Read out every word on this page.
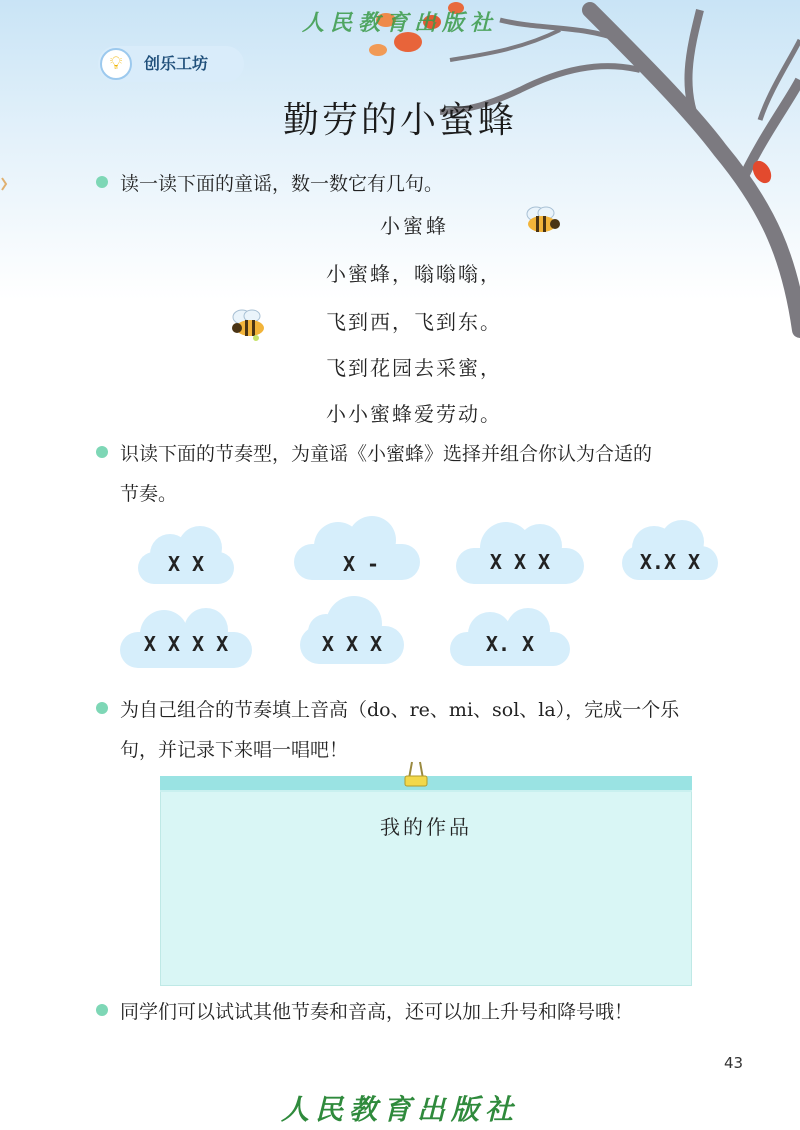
人民教育出版社
💡︎	创乐工坊
勤劳的小蜜蜂
读一读下面的童谣，数一数它有几句。
小蜜蜂
小蜜蜂，嗡嗡嗡，
飞到西，飞到东。
飞到花园去采蜜，
小小蜜蜂爱劳动。
识读下面的节奏型，为童谣《小蜜蜂》选择并组合你认为合适的
节奏。
X X	X -	X X X	X.X X
X X X X	X X X	X. X
为自己组合的节奏填上音高（do、re、mi、sol、la），完成一个乐
句，并记录下来唱一唱吧！
我的作品
同学们可以试试其他节奏和音高，还可以加上升号和降号哦！
43
人民教育出版社
